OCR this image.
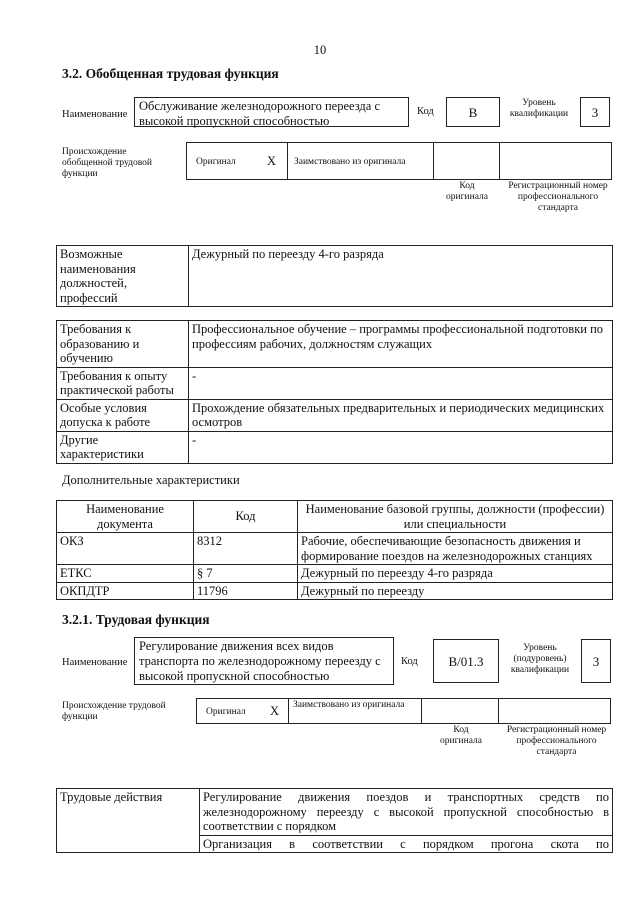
10
3.2. Обобщенная трудовая функция
Наименование
Обслуживание железнодорожного переезда с высокой пропускной способностью
Код	B
Уровень квалификации	3
Происхождение обобщенной трудовой функции
Оригинал X Заимствовано из оригинала
Код оригинала
Регистрационный номер профессионального стандарта
Возможные наименования должностей, профессий	Дежурный по переезду 4-го разряда
Требования к образованию и обучению	Профессиональное обучение – программы профессиональной подготовки по профессиям рабочих, должностям служащих
Требования к опыту практической работы	-
Особые условия допуска к работе	Прохождение обязательных предварительных и периодических медицинских осмотров
Другие характеристики	-
Дополнительные характеристики
Наименование документа	Код	Наименование базовой группы, должности (профессии) или специальности
ОКЗ	8312	Рабочие, обеспечивающие безопасность движения и формирование поездов на железнодорожных станциях
ЕТКС	§ 7	Дежурный по переезду 4-го разряда
ОКПДТР	11796	Дежурный по переезду
3.2.1. Трудовая функция
Наименование
Регулирование движения всех видов транспорта по железнодорожному переезду с высокой пропускной способностью
Код	B/01.3
Уровень (подуровень) квалификации
3
Происхождение трудовой функции	Оригинал X Заимствовано из оригинала
Код оригинала
Регистрационный номер профессионального стандарта
Трудовые действия	Регулирование движения поездов и транспортных средств по железнодорожному переезду с высокой пропускной способностью в соответствии с порядком
Организация в соответствии с порядком прогона скота по
